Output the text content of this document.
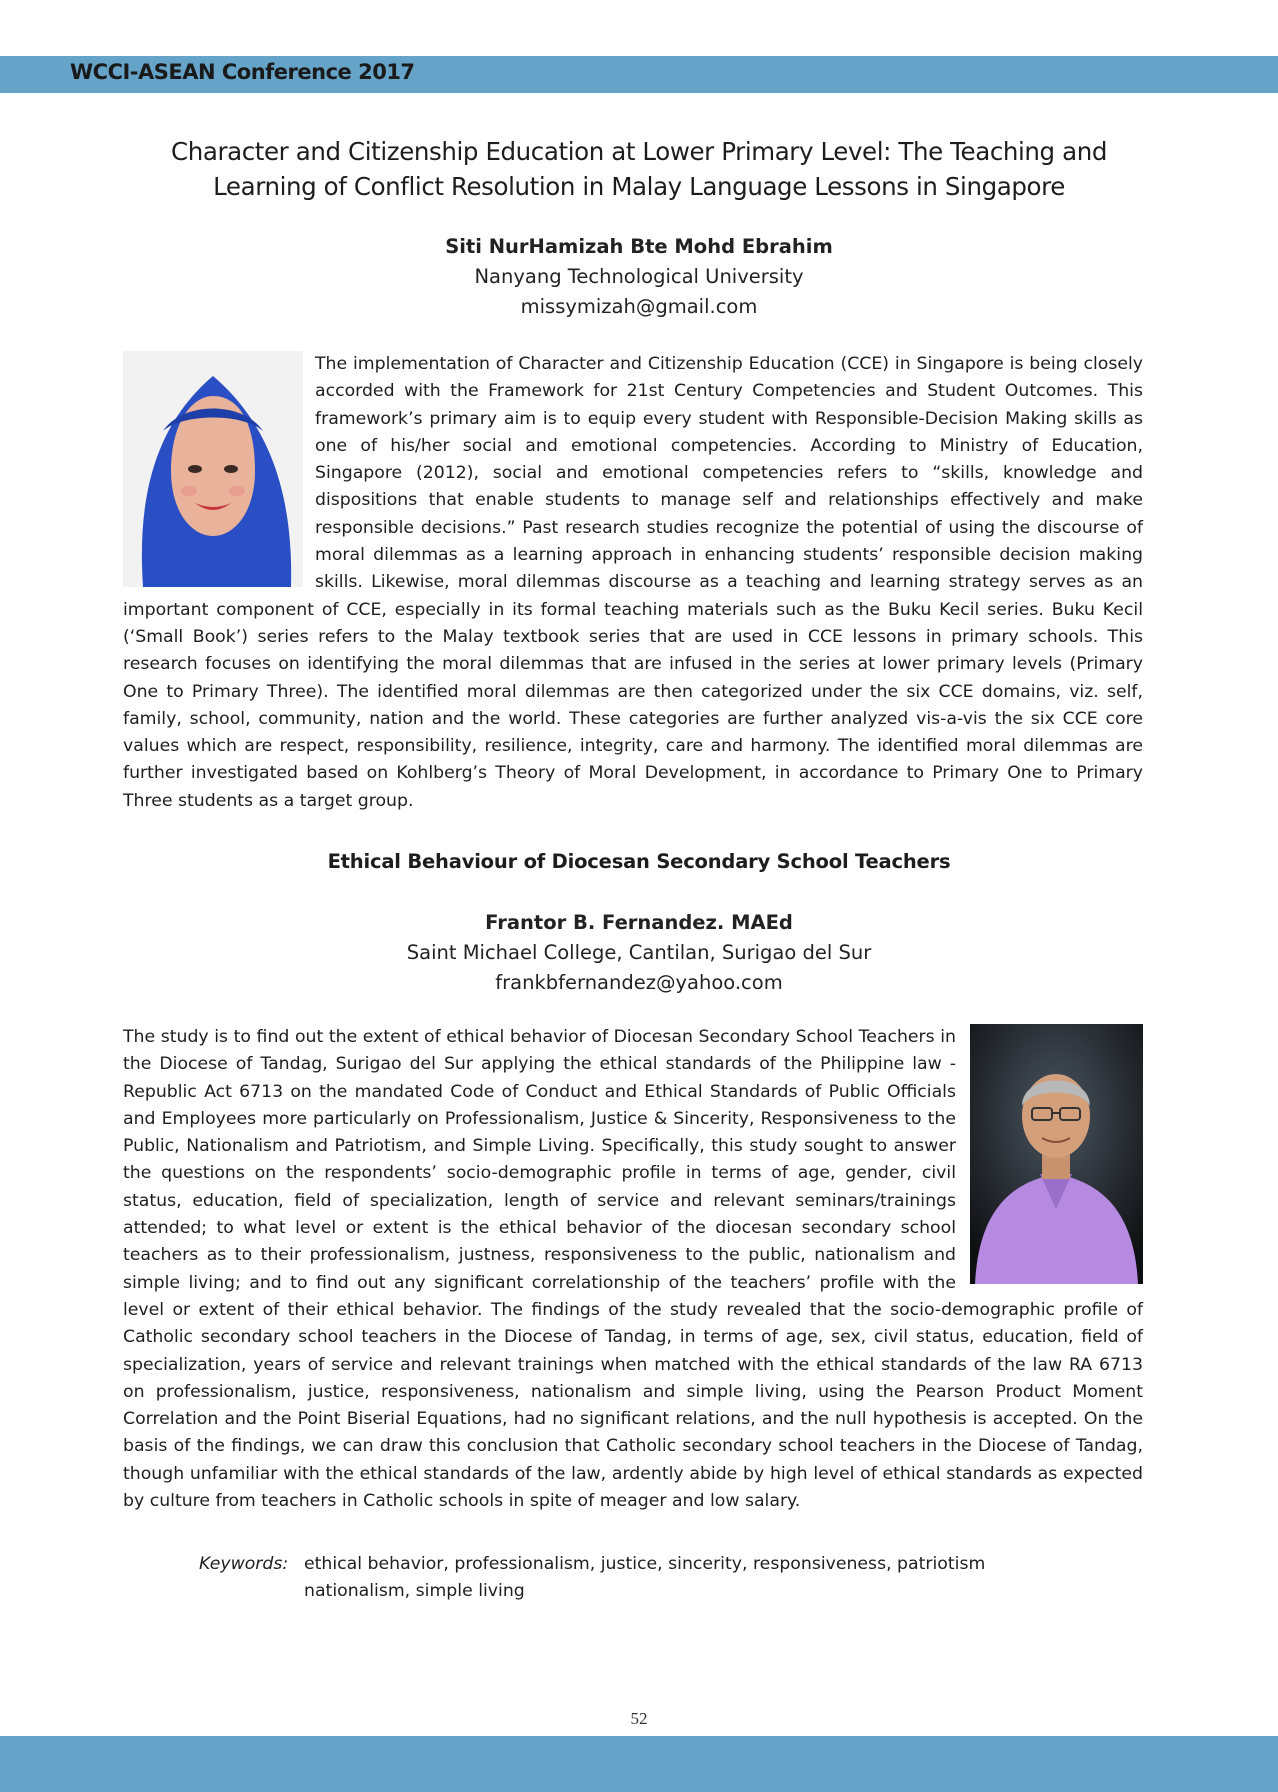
WCCI-ASEAN Conference 2017
Character and Citizenship Education at Lower Primary Level: The Teaching and
Learning of Conflict Resolution in Malay Language Lessons in Singapore
Siti NurHamizah Bte Mohd Ebrahim
Nanyang Technological University
missymizah@gmail.com
The implementation of Character and Citizenship Education (CCE) in Singapore is being closely accorded with the Framework for 21st Century Competencies and Student Outcomes. This framework’s primary aim is to equip every student with Responsible-Decision Making skills as one of his/her social and emotional competencies. According to Ministry of Education, Singapore (2012), social and emotional competencies refers to “skills, knowledge and dispositions that enable students to manage self and relationships effectively and make responsible decisions.” Past research studies recognize the potential of using the discourse of moral dilemmas as a learning approach in enhancing students’ responsible decision making skills. Likewise, moral dilemmas discourse as a teaching and learning strategy serves as an important component of CCE, especially in its formal teaching materials such as the Buku Kecil series. Buku Kecil (‘Small Book’) series refers to the Malay textbook series that are used in CCE lessons in primary schools. This research focuses on identifying the moral dilemmas that are infused in the series at lower primary levels (Primary One to Primary Three). The identified moral dilemmas are then categorized under the six CCE domains, viz. self, family, school, community, nation and the world. These categories are further analyzed vis-a-vis the six CCE core values which are respect, responsibility, resilience, integrity, care and harmony. The identified moral dilemmas are further investigated based on Kohlberg’s Theory of Moral Development, in accordance to Primary One to Primary Three students as a target group.
Ethical Behaviour of Diocesan Secondary School Teachers
Frantor B. Fernandez. MAEd
Saint Michael College, Cantilan, Surigao del Sur
frankbfernandez@yahoo.com
The study is to find out the extent of ethical behavior of Diocesan Secondary School Teachers in the Diocese of Tandag, Surigao del Sur applying the ethical standards of the Philippine law - Republic Act 6713 on the mandated Code of Conduct and Ethical Standards of Public Officials and Employees more particularly on Professionalism, Justice & Sincerity, Responsiveness to the Public, Nationalism and Patriotism, and Simple Living. Specifically, this study sought to answer the questions on the respondents’ socio-demographic profile in terms of age, gender, civil status, education, field of specialization, length of service and relevant seminars/trainings attended; to what level or extent is the ethical behavior of the diocesan secondary school teachers as to their professionalism, justness, responsiveness to the public, nationalism and simple living; and to find out any significant correlationship of the teachers’ profile with the level or extent of their ethical behavior. The findings of the study revealed that the socio-demographic profile of Catholic secondary school teachers in the Diocese of Tandag, in terms of age, sex, civil status, education, field of specialization, years of service and relevant trainings when matched with the ethical standards of the law RA 6713 on professionalism, justice, responsiveness, nationalism and simple living, using the Pearson Product Moment Correlation and the Point Biserial Equations, had no significant relations, and the null hypothesis is accepted. On the basis of the findings, we can draw this conclusion that Catholic secondary school teachers in the Diocese of Tandag, though unfamiliar with the ethical standards of the law, ardently abide by high level of ethical standards as expected by culture from teachers in Catholic schools in spite of meager and low salary.
Keywords: ethical behavior, professionalism, justice, sincerity, responsiveness, patriotism
nationalism, simple living
52
